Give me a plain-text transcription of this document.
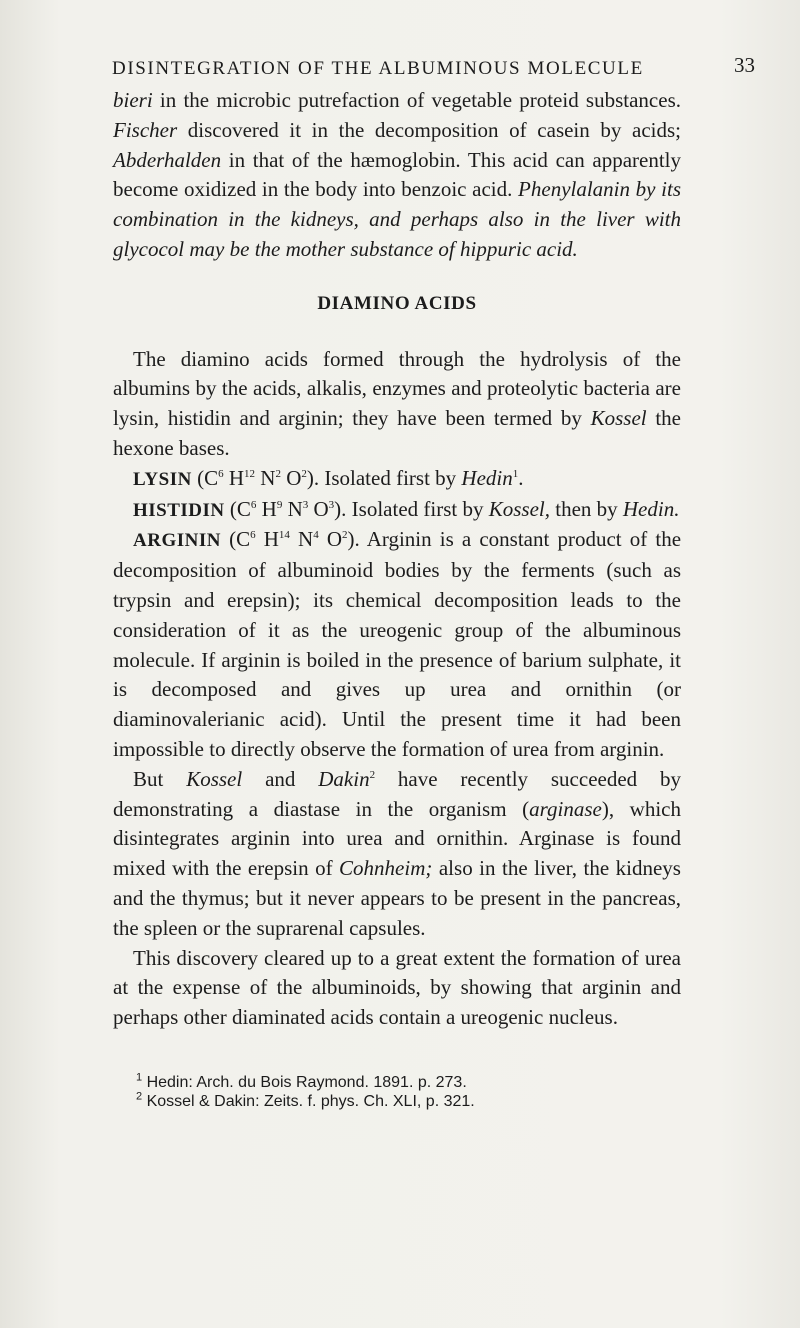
DISINTEGRATION OF THE ALBUMINOUS MOLECULE	33

bieri in the microbic putrefaction of vegetable proteid substances. Fischer discovered it in the decomposition of casein by acids; Abderhalden in that of the hæmoglobin. This acid can apparently become oxidized in the body into benzoic acid. Phenylalanin by its combination in the kidneys, and perhaps also in the liver with glycocol may be the mother substance of hippuric acid.

DIAMINO ACIDS

The diamino acids formed through the hydrolysis of the albumins by the acids, alkalis, enzymes and proteolytic bacteria are lysin, histidin and arginin; they have been termed by Kossel the hexone bases.

LYSIN ($C^6$ $H^{12}$ $N^2$ $O^2$). Isolated first by Hedin$^1$.

HISTIDIN ($C^6$ $H^9$ $N^3$ $O^3$). Isolated first by Kossel, then by Hedin.

ARGININ ($C^6$ $H^{14}$ $N^4$ $O^2$). Arginin is a constant product of the decomposition of albuminoid bodies by the ferments (such as trypsin and erepsin); its chemical decomposition leads to the consideration of it as the ureogenic group of the albuminous molecule. If arginin is boiled in the presence of barium sulphate, it is decomposed and gives up urea and ornithin (or diaminovalerianic acid). Until the present time it had been impossible to directly observe the formation of urea from arginin.

But Kossel and Dakin$^2$ have recently succeeded by demonstrating a diastase in the organism (arginase), which disintegrates arginin into urea and ornithin. Arginase is found mixed with the erepsin of Cohnheim; also in the liver, the kidneys and the thymus; but it never appears to be present in the pancreas, the spleen or the suprarenal capsules.

This discovery cleared up to a great extent the formation of urea at the expense of the albuminoids, by showing that arginin and perhaps other diaminated acids contain a ureogenic nucleus.

$^1$ Hedin: Arch. du Bois Raymond. 1891. p. 273.
$^2$ Kossel & Dakin: Zeits. f. phys. Ch. XLI, p. 321.
